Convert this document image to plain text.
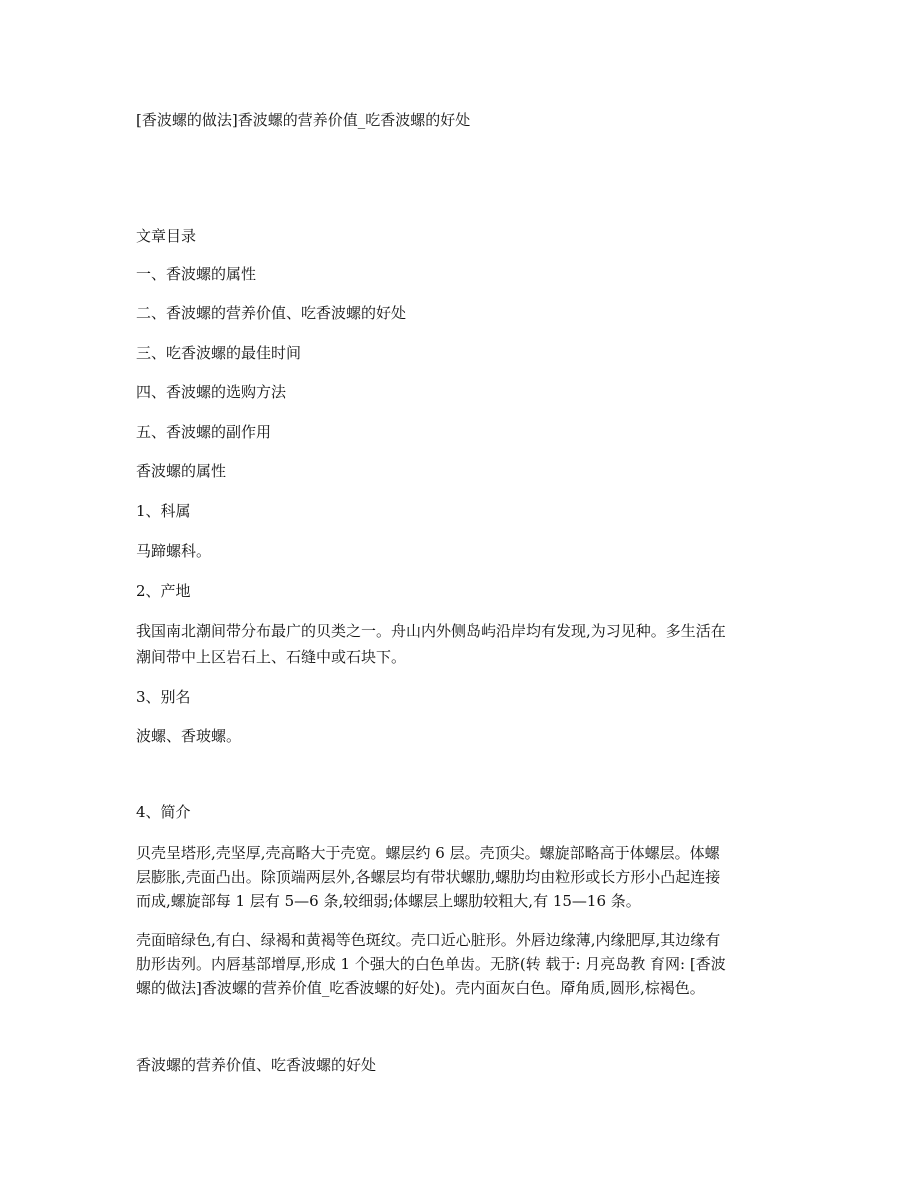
[香波螺的做法]香波螺的营养价值_吃香波螺的好处

文章目录

一、香波螺的属性

二、香波螺的营养价值、吃香波螺的好处

三、吃香波螺的最佳时间

四、香波螺的选购方法

五、香波螺的副作用

香波螺的属性

1、科属

马蹄螺科。

2、产地

我国南北潮间带分布最广的贝类之一。舟山内外侧岛屿沿岸均有发现,为习见种。多生活在

潮间带中上区岩石上、石缝中或石块下。

3、别名

波螺、香玻螺。

4、简介

贝壳呈塔形,壳坚厚,壳高略大于壳宽。螺层约 6 层。壳顶尖。螺旋部略高于体螺层。体螺

层膨胀,壳面凸出。除顶端两层外,各螺层均有带状螺肋,螺肋均由粒形或长方形小凸起连接

而成,螺旋部每 1 层有 5—6 条,较细弱;体螺层上螺肋较粗大,有 15—16 条。

壳面暗绿色,有白、绿褐和黄褐等色斑纹。壳口近心脏形。外唇边缘薄,内缘肥厚,其边缘有

肋形齿列。内唇基部增厚,形成 1 个强大的白色单齿。无脐(转 载于: 月亮岛教 育网: [香波

螺的做法]香波螺的营养价值_吃香波螺的好处)。壳内面灰白色。厣角质,圆形,棕褐色。

香波螺的营养价值、吃香波螺的好处
